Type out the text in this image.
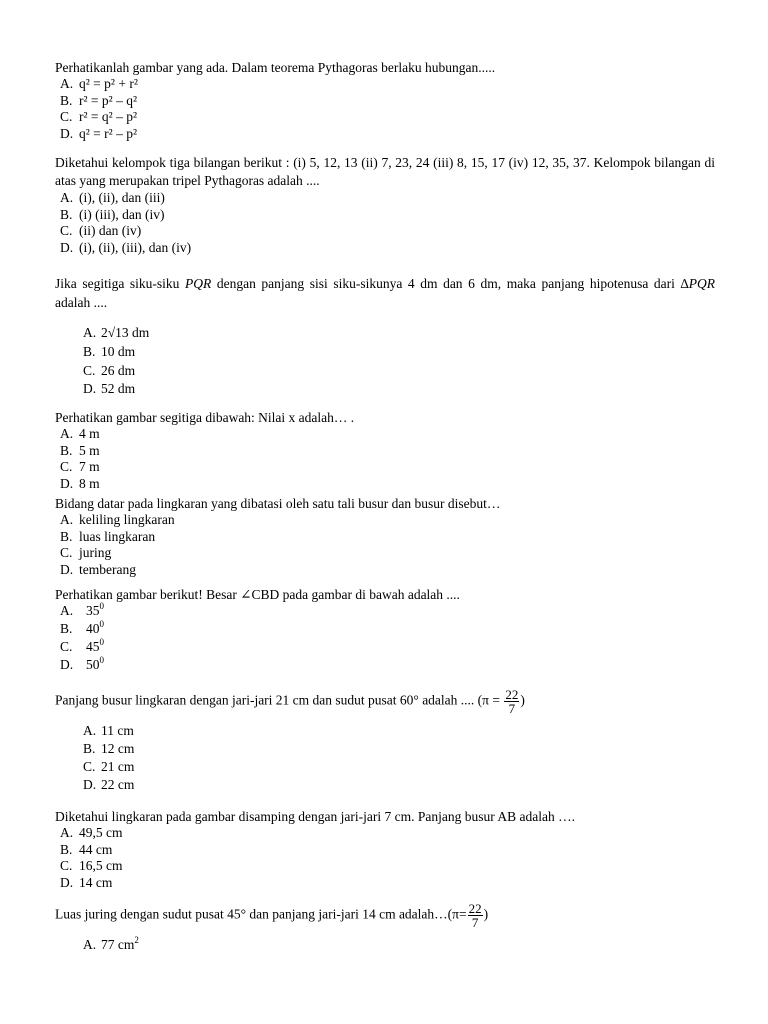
Perhatikanlah gambar yang ada. Dalam teorema Pythagoras berlaku hubungan.....

A. q² = p² + r²
B. r² = p² – q²
C. r² = q² – p²
D. q² = r² – p²

Diketahui kelompok tiga bilangan berikut : (i) 5, 12, 13 (ii) 7, 23, 24 (iii) 8, 15, 17 (iv) 12, 35, 37. Kelompok bilangan di atas yang merupakan tripel Pythagoras adalah ....

A. (i), (ii), dan (iii)
B. (i) (iii), dan (iv)
C. (ii) dan (iv)
D. (i), (ii), (iii), dan (iv)

Jika segitiga siku-siku PQR dengan panjang sisi siku-sikunya 4 dm dan 6 dm, maka panjang hipotenusa dari ∆PQR adalah ....

A. 2√13 dm
B. 10 dm
C. 26 dm
D. 52 dm

Perhatikan gambar segitiga dibawah: Nilai x adalah… .

A. 4 m
B. 5 m
C. 7 m
D. 8 m

Bidang datar pada lingkaran yang dibatasi oleh satu tali busur dan busur disebut…

A. keliling lingkaran
B. luas lingkaran
C. juring
D. temberang

Perhatikan gambar berikut! Besar ∠CBD pada gambar di bawah adalah ....

A. $35^0$
B.	$40^0$
C.	$45^0$
D. $50^0$

Panjang busur lingkaran dengan jari-jari 21 cm dan sudut pusat 60° adalah .... ($\pi = \frac{22}{7}$ )

A. 11 cm
B. 12 cm
C. 21 cm
D. 22 cm

Diketahui lingkaran pada gambar disamping dengan jari-jari 7 cm. Panjang busur AB adalah ….

A. 49,5 cm
B. 44 cm
C. 16,5 cm
D. 14 cm

Luas juring dengan sudut pusat 45° dan panjang jari-jari 14 cm adalah…(π= $\frac{22}{7}$ )

A. 77 $cm^2$
